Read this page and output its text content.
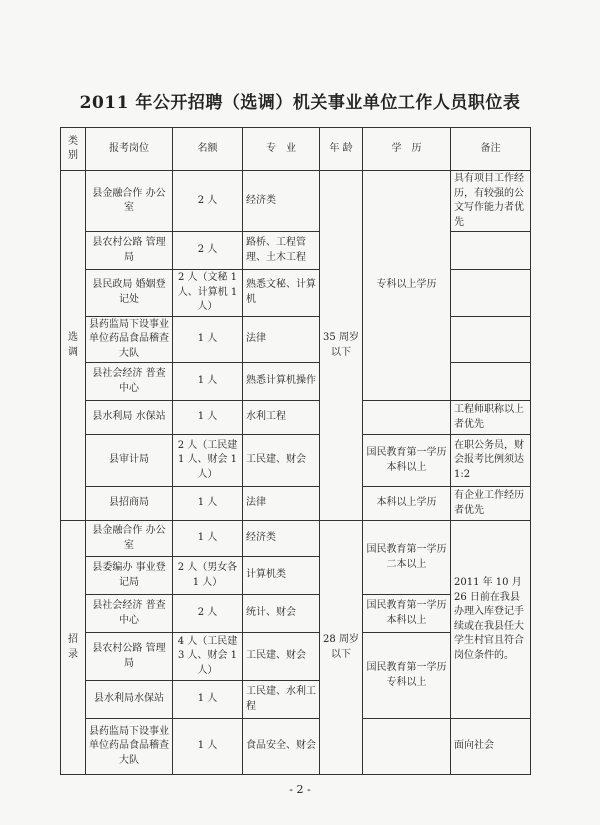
2011 年公开招聘（选调）机关事业单位工作人员职位表
类 别	报考岗位	名额	专　业	年 龄	学　历	备注
选调	县金融合作 办公室	2 人	经济类	35 周岁 以下	专科以上学历	具有项目工作经历，有较强的公文写作能力者优先
	县农村公路 管理局	2 人	路桥、工程管理、土木工程			
	县民政局 婚姻登记处	2 人（文秘 1 人、计算机 1 人）	熟悉文秘、计算机			
	县药监局下设事业单位药品食品稽查大队	1 人	法律			
	县社会经济 普查中心	1 人	熟悉计算机操作			
	县水利局 水保站	1 人	水利工程			工程师职称以上者优先
	县审计局	2 人（工民建 1 人、财会 1 人）	工民建、财会		国民教育第一学历本科以上	在职公务员，财会报考比例须达 1:2
	县招商局	1 人	法律		本科以上学历	有企业工作经历者优先
招录	县金融合作 办公室	1 人	经济类	28 周岁 以下	国民教育第一学历二本以上	2011 年 10 月 26 日前在我县办理入库登记手续或在我县任大学生村官且符合岗位条件的。
	县委编办 事业登记局	2 人（男女各 1 人）	计算机类			
	县社会经济 普查中心	2 人	统计、财会		国民教育第一学历本科以上	
	县农村公路 管理局	4 人（工民建 3 人、财会 1 人）	工民建、财会		国民教育第一学历专科以上	
	县水利局水保站	1 人	工民建、水利工程			
	县药监局下设事业单位药品食品稽查大队	1 人	食品安全、财会			面向社会
- 2 -
